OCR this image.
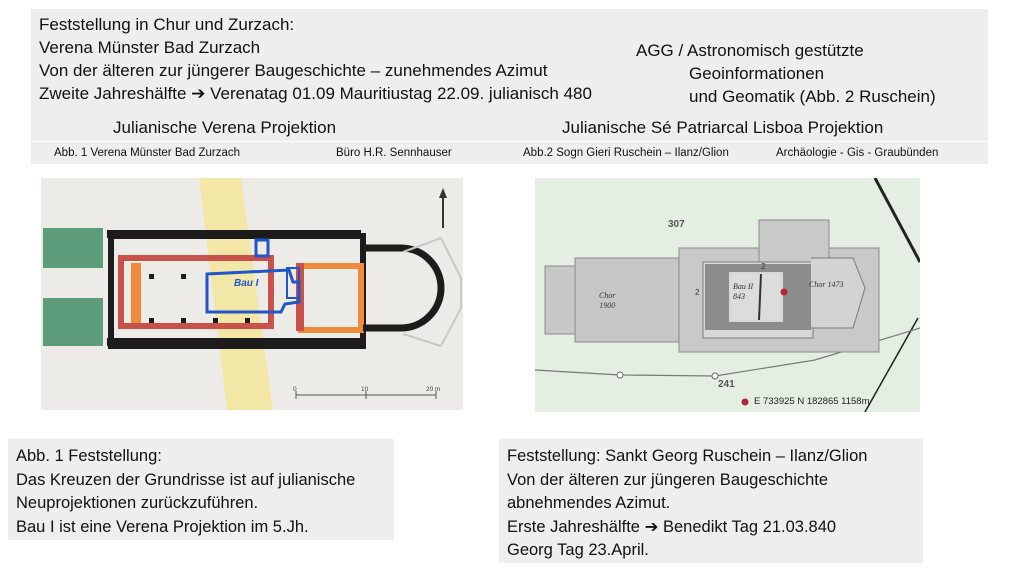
Feststellung in Chur und Zurzach:
Verena Münster Bad Zurzach
Von der älteren zur jüngerer Baugeschichte – zunehmendes Azimut
Zweite Jahreshälfte ➔ Verenatag 01.09 Mauritiustag 22.09. julianisch 480
AGG / Astronomisch gestützte
Geoinformationen
und Geomatik (Abb. 2 Ruschein)
Julianische Verena Projektion	Julianische Sé Patriarcal Lisboa Projektion
Abb. 1 Verena Münster Bad Zurzach	Büro H.R. Sennhauser	Abb.2 Sogn Gieri Ruschein – Ilanz/Glion	Archäologie - Gis - Graubünden
Bau I
0	10	20 m
307
241
Chor
1900
Bau II
843
Chor 1473
2
2
E 733925 N 182865 1158m
Abb. 1 Feststellung:
Das Kreuzen der Grundrisse ist auf julianische
Neuprojektionen zurückzuführen.
Bau I ist eine Verena Projektion im 5.Jh.
Feststellung: Sankt Georg Ruschein – Ilanz/Glion
Von der älteren zur jüngeren Baugeschichte
abnehmendes Azimut.
Erste Jahreshälfte ➔ Benedikt Tag 21.03.840
Georg Tag 23.April.
